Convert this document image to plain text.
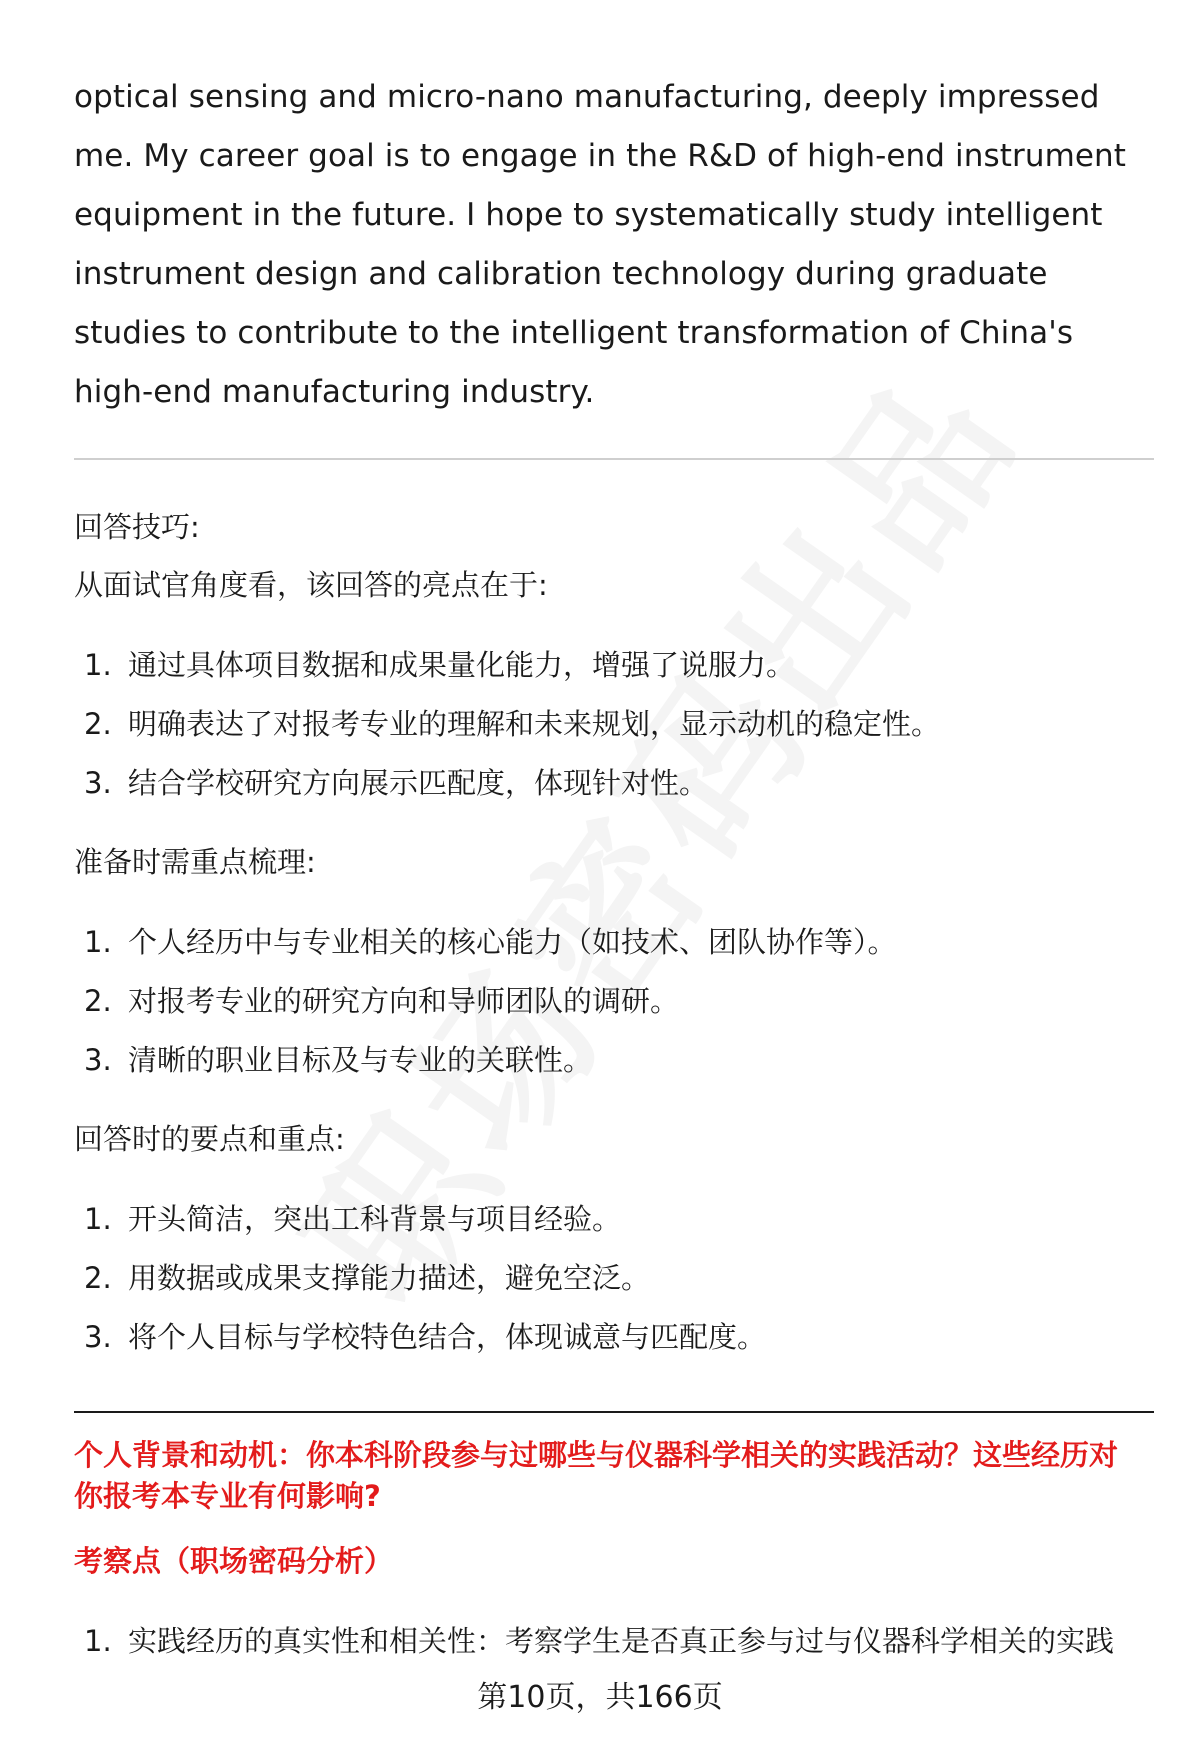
optical sensing and micro-nano manufacturing, deeply impressed me. My career goal is to engage in the R&D of high-end instrument equipment in the future. I hope to systematically study intelligent instrument design and calibration technology during graduate studies to contribute to the intelligent transformation of China's high-end manufacturing industry.

回答技巧:

从面试官角度看，该回答的亮点在于:

1. 通过具体项目数据和成果量化能力，增强了说服力。
2. 明确表达了对报考专业的理解和未来规划，显示动机的稳定性。
3. 结合学校研究方向展示匹配度，体现针对性。

准备时需重点梳理:

1. 个人经历中与专业相关的核心能力（如技术、团队协作等）。
2. 对报考专业的研究方向和导师团队的调研。
3. 清晰的职业目标及与专业的关联性。

回答时的要点和重点:

1. 开头简洁，突出工科背景与项目经验。
2. 用数据或成果支撑能力描述，避免空泛。
3. 将个人目标与学校特色结合，体现诚意与匹配度。

个人背景和动机：你本科阶段参与过哪些与仪器科学相关的实践活动？这些经历对
你报考本专业有何影响?

考察点（职场密码分析）

1. 实践经历的真实性和相关性：考察学生是否真正参与过与仪器科学相关的实践
第10页，共166页
